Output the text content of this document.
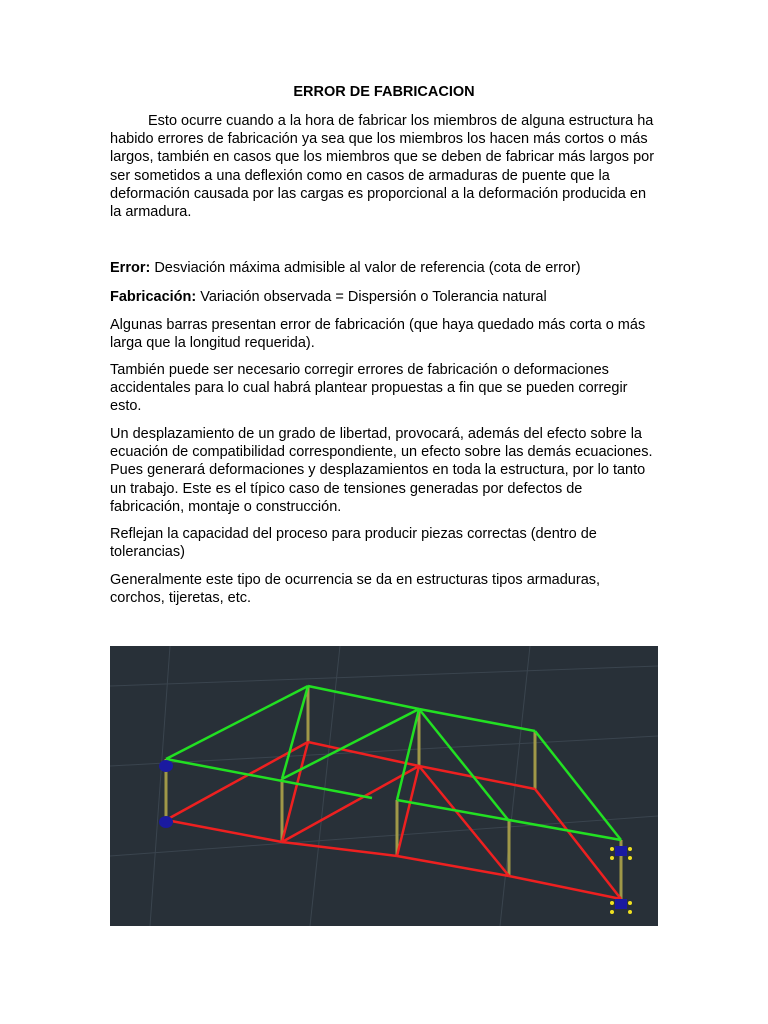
ERROR DE FABRICACION
Esto ocurre cuando a la hora de fabricar los miembros de alguna estructura ha habido errores de fabricación ya sea que los miembros los hacen más cortos o más largos, también en casos que los miembros que se deben de fabricar más largos por ser sometidos a una deflexión como en casos de armaduras de puente que la deformación causada por las cargas es proporcional a la deformación producida en la armadura.
Error: Desviación máxima admisible al valor de referencia (cota de error)
Fabricación: Variación observada = Dispersión o Tolerancia natural
Algunas barras presentan error de fabricación (que haya quedado más corta o más larga que la longitud requerida).
También puede ser necesario corregir errores de fabricación o deformaciones accidentales para lo cual habrá plantear propuestas a fin que se pueden corregir esto.
Un desplazamiento de un grado de libertad, provocará, además del efecto sobre la ecuación de compatibilidad correspondiente, un efecto sobre las demás ecuaciones. Pues generará deformaciones y desplazamientos en toda la estructura, por lo tanto un trabajo. Este es el típico caso de tensiones generadas por defectos de fabricación, montaje o construcción.
Reflejan la capacidad del proceso para producir piezas correctas (dentro de tolerancias)
Generalmente este tipo de ocurrencia se da en estructuras tipos armaduras, corchos, tijeretas, etc.
